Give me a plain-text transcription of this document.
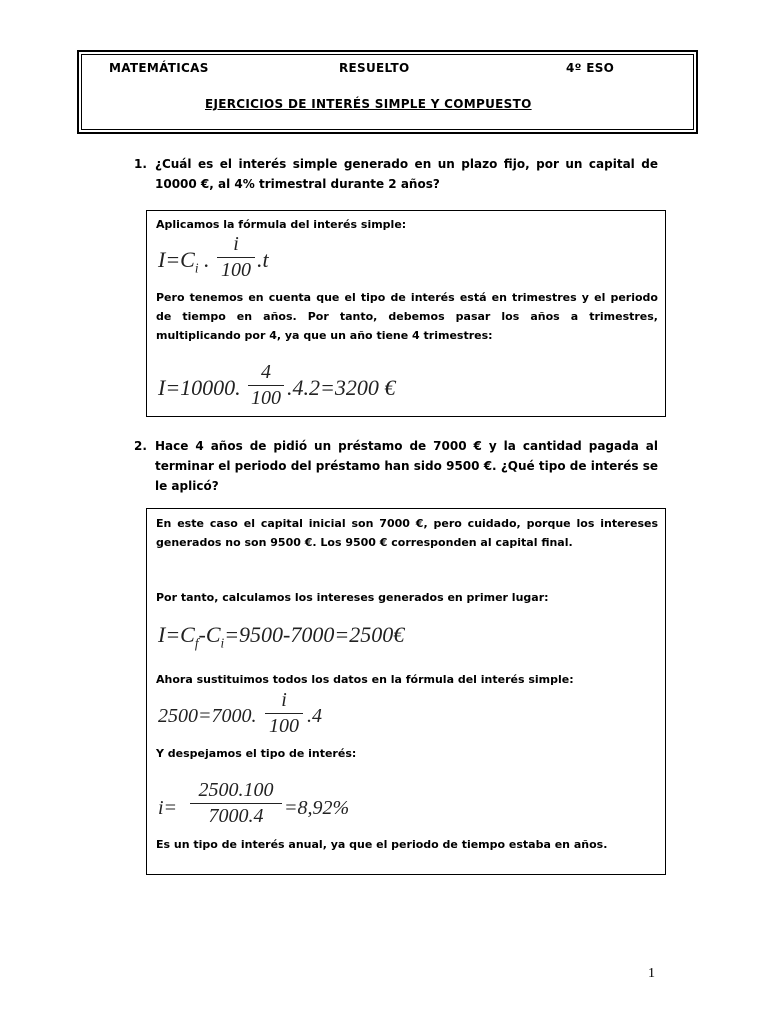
MATEMÁTICAS	RESUELTO	4º ESO
EJERCICIOS DE INTERÉS SIMPLE Y COMPUESTO
1. ¿Cuál es el interés simple generado en un plazo fijo, por un capital de 10000 €, al 4% trimestral durante 2 años?
Aplicamos la fórmula del interés simple:
$I=C_i$ .
i
100 .t
Pero tenemos en cuenta que el tipo de interés está en trimestres y el periodo de tiempo en años. Por tanto, debemos pasar los años a trimestres, multiplicando por 4, ya que un año tiene 4 trimestres:
I=10000.
4
100 .4.2=3200 €
2. Hace 4 años de pidió un préstamo de 7000 € y la cantidad pagada al terminar el periodo del préstamo han sido 9500 €. ¿Qué tipo de interés se le aplicó?
En este caso el capital inicial son 7000 €, pero cuidado, porque los intereses generados no son 9500 €. Los 9500 € corresponden al capital final.
Por tanto, calculamos los intereses generados en primer lugar:
$I=C_f-C_i=9500-7000=2500€$
Ahora sustituimos todos los datos en la fórmula del interés simple:
2500=7000.
i
100 .4
Y despejamos el tipo de interés:
i=
2500.100
7000.4	=8,92%
Es un tipo de interés anual, ya que el periodo de tiempo estaba en años.
1
